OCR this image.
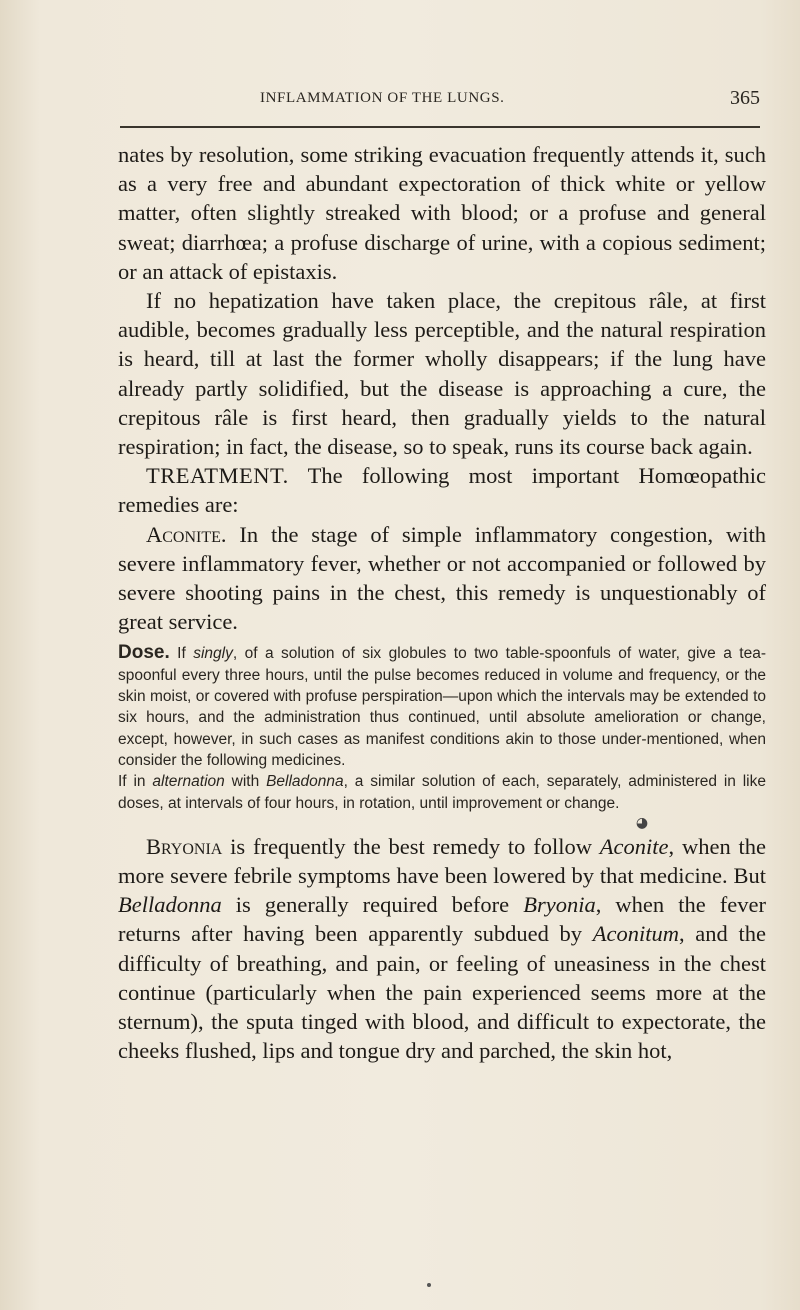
INFLAMMATION OF THE LUNGS.	365

nates by resolution, some striking evacuation frequently attends it, such as a very free and abundant expectoration of thick white or yellow matter, often slightly streaked with blood; or a profuse and general sweat; diarrhœa; a profuse discharge of urine, with a copious sediment; or an attack of epistaxis.

If no hepatization have taken place, the crepitous râle, at first audible, becomes gradually less perceptible, and the natural respiration is heard, till at last the former wholly disappears; if the lung have already partly solidified, but the disease is approaching a cure, the crepitous râle is first heard, then gradually yields to the natural respiration; in fact, the disease, so to speak, runs its course back again.

TREATMENT. The following most important Homœopathic remedies are:

Aconite. In the stage of simple inflammatory congestion, with severe inflammatory fever, whether or not accompanied or followed by severe shooting pains in the chest, this remedy is unquestionably of great service.

Dose. If singly, of a solution of six globules to two table-spoonfuls of water, give a tea-spoonful every three hours, until the pulse becomes reduced in volume and frequency, or the skin moist, or covered with profuse perspiration—upon which the intervals may be extended to six hours, and the administration thus continued, until absolute amelioration or change, except, however, in such cases as manifest conditions akin to those under-mentioned, when consider the following medicines.

If in alternation with Belladonna, a similar solution of each, separately, administered in like doses, at intervals of four hours, in rotation, until improvement or change.

◕

Bryonia is frequently the best remedy to follow Aconite, when the more severe febrile symptoms have been lowered by that medicine. But Belladonna is generally required before Bryonia, when the fever returns after having been apparently subdued by Aconitum, and the difficulty of breathing, and pain, or feeling of uneasiness in the chest continue (particularly when the pain experienced seems more at the sternum), the sputa tinged with blood, and difficult to expectorate, the cheeks flushed, lips and tongue dry and parched, the skin hot,
